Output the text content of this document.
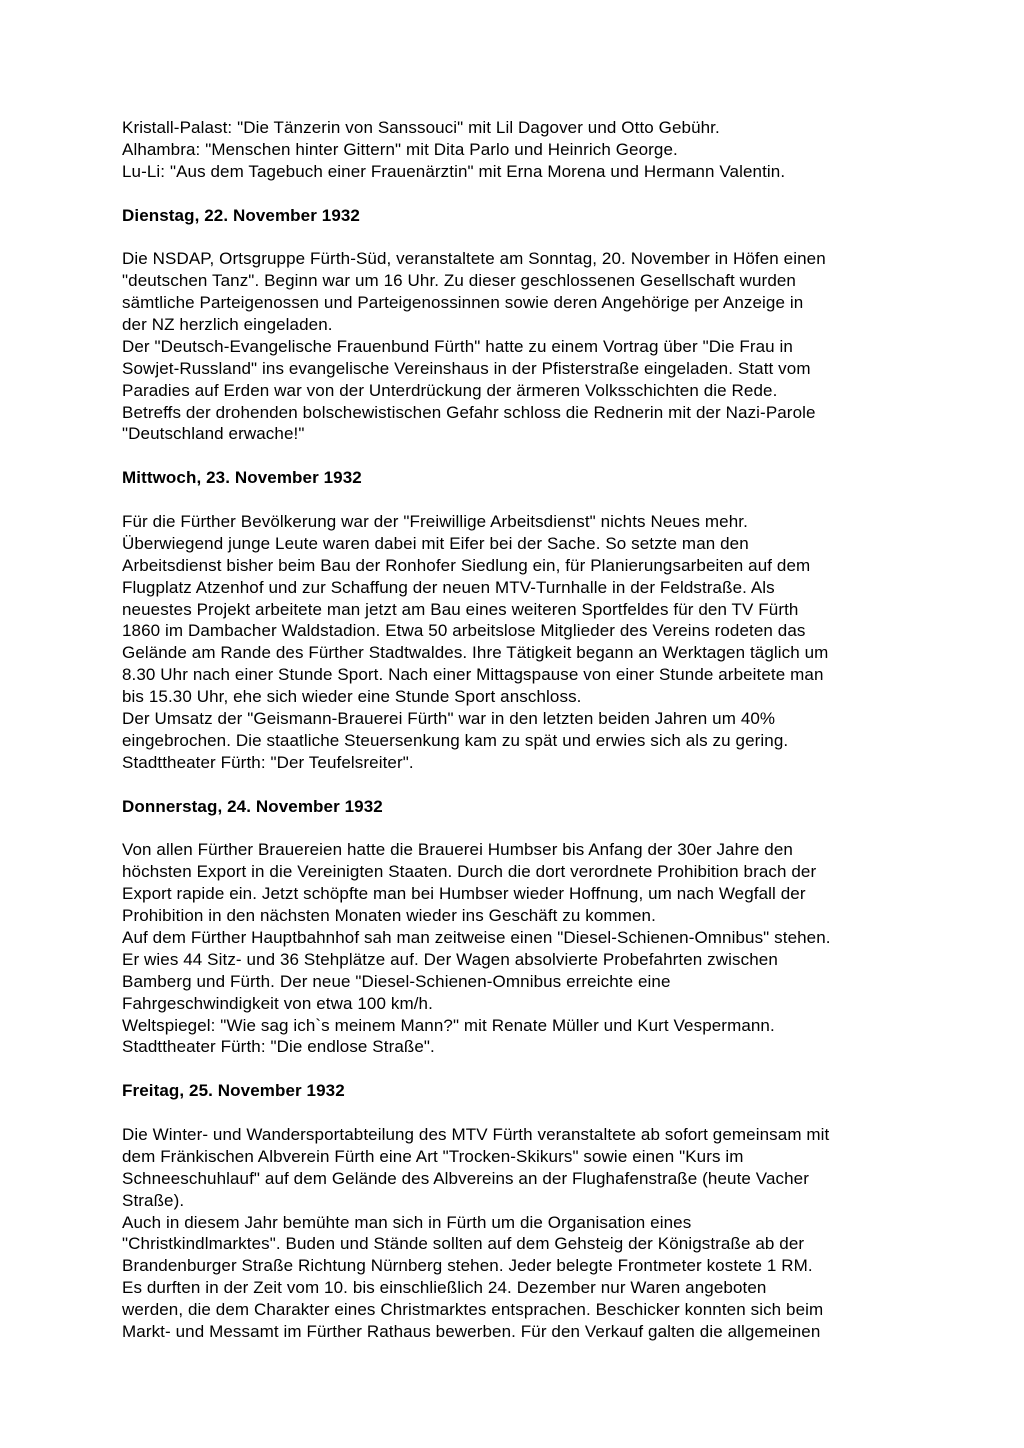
Kristall-Palast: "Die Tänzerin von Sanssouci" mit Lil Dagover und Otto Gebühr.
Alhambra: "Menschen hinter Gittern" mit Dita Parlo und Heinrich George.
Lu-Li: "Aus dem Tagebuch einer Frauenärztin" mit Erna Morena und Hermann Valentin.
Dienstag, 22. November 1932
Die NSDAP, Ortsgruppe Fürth-Süd, veranstaltete am Sonntag, 20. November in Höfen einen
"deutschen Tanz". Beginn war um 16 Uhr. Zu dieser geschlossenen Gesellschaft wurden
sämtliche Parteigenossen und Parteigenossinnen sowie deren Angehörige per Anzeige in
der NZ herzlich eingeladen.
Der "Deutsch-Evangelische Frauenbund Fürth" hatte zu einem Vortrag über "Die Frau in
Sowjet-Russland" ins evangelische Vereinshaus in der Pfisterstraße eingeladen. Statt vom
Paradies auf Erden war von der Unterdrückung der ärmeren Volksschichten die Rede.
Betreffs der drohenden bolschewistischen Gefahr schloss die Rednerin mit der Nazi-Parole
"Deutschland erwache!"
Mittwoch, 23. November 1932
Für die Fürther Bevölkerung war der "Freiwillige Arbeitsdienst" nichts Neues mehr.
Überwiegend junge Leute waren dabei mit Eifer bei der Sache. So setzte man den
Arbeitsdienst bisher beim Bau der Ronhofer Siedlung ein, für Planierungsarbeiten auf dem
Flugplatz Atzenhof und zur Schaffung der neuen MTV-Turnhalle in der Feldstraße. Als
neuestes Projekt arbeitete man jetzt am Bau eines weiteren Sportfeldes für den TV Fürth
1860 im Dambacher Waldstadion. Etwa 50 arbeitslose Mitglieder des Vereins rodeten das
Gelände am Rande des Fürther Stadtwaldes. Ihre Tätigkeit begann an Werktagen täglich um
8.30 Uhr nach einer Stunde Sport. Nach einer Mittagspause von einer Stunde arbeitete man
bis 15.30 Uhr, ehe sich wieder eine Stunde Sport anschloss.
Der Umsatz der "Geismann-Brauerei Fürth" war in den letzten beiden Jahren um 40%
eingebrochen. Die staatliche Steuersenkung kam zu spät und erwies sich als zu gering.
Stadttheater Fürth: "Der Teufelsreiter".
Donnerstag, 24. November 1932
Von allen Fürther Brauereien hatte die Brauerei Humbser bis Anfang der 30er Jahre den
höchsten Export in die Vereinigten Staaten. Durch die dort verordnete Prohibition brach der
Export rapide ein. Jetzt schöpfte man bei Humbser wieder Hoffnung, um nach Wegfall der
Prohibition in den nächsten Monaten wieder ins Geschäft zu kommen.
Auf dem Fürther Hauptbahnhof sah man zeitweise einen "Diesel-Schienen-Omnibus" stehen.
Er wies 44 Sitz- und 36 Stehplätze auf. Der Wagen absolvierte Probefahrten zwischen
Bamberg und Fürth. Der neue "Diesel-Schienen-Omnibus erreichte eine
Fahrgeschwindigkeit von etwa 100 km/h.
Weltspiegel: "Wie sag ich`s meinem Mann?" mit Renate Müller und Kurt Vespermann.
Stadttheater Fürth: "Die endlose Straße".
Freitag, 25. November 1932
Die Winter- und Wandersportabteilung des MTV Fürth veranstaltete ab sofort gemeinsam mit
dem Fränkischen Albverein Fürth eine Art "Trocken-Skikurs" sowie einen "Kurs im
Schneeschuhlauf" auf dem Gelände des Albvereins an der Flughafenstraße (heute Vacher
Straße).
Auch in diesem Jahr bemühte man sich in Fürth um die Organisation eines
"Christkindlmarktes". Buden und Stände sollten auf dem Gehsteig der Königstraße ab der
Brandenburger Straße Richtung Nürnberg stehen. Jeder belegte Frontmeter kostete 1 RM.
Es durften in der Zeit vom 10. bis einschließlich 24. Dezember nur Waren angeboten
werden, die dem Charakter eines Christmarktes entsprachen. Beschicker konnten sich beim
Markt- und Messamt im Fürther Rathaus bewerben. Für den Verkauf galten die allgemeinen
